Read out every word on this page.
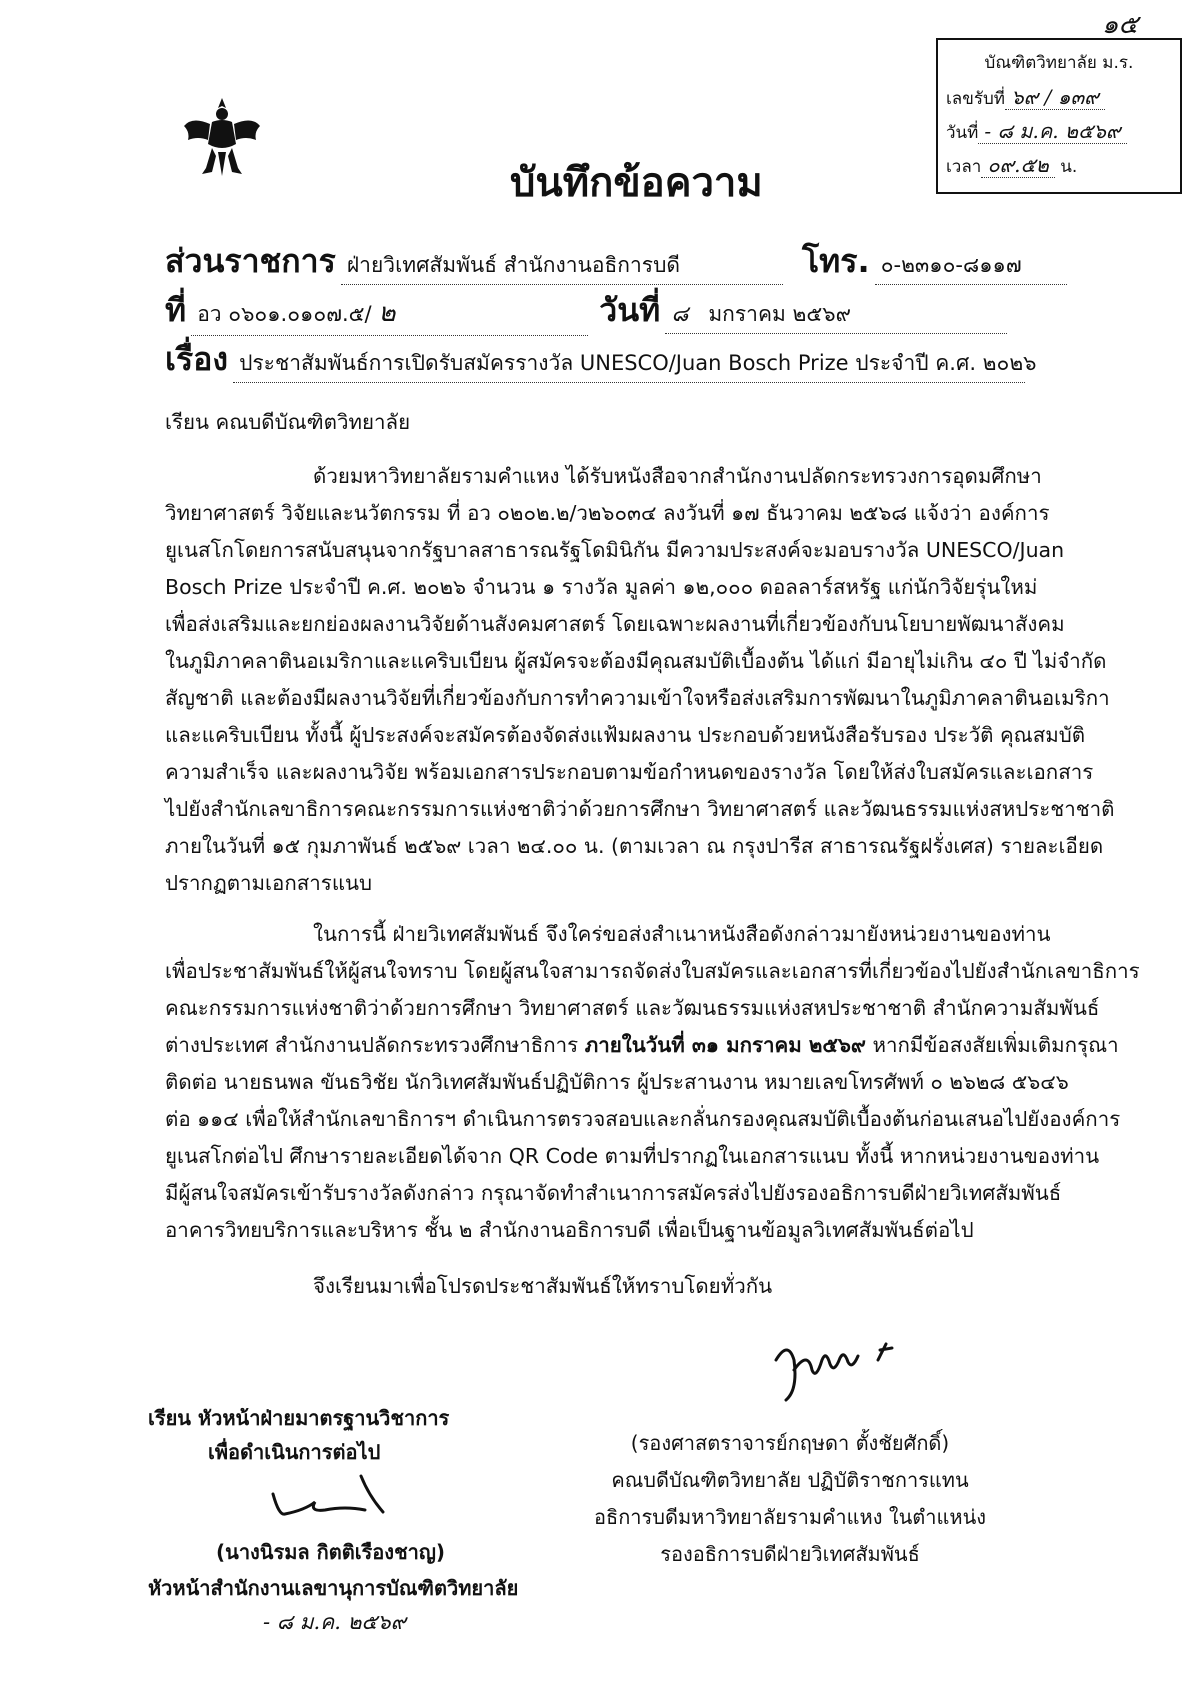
๑๕
บัณฑิตวิทยาลัย ม.ร.
เลขรับที่ ๖๙ / ๑๓๙
วันที่ - ๘ ม.ค. ๒๕๖๙
เวลา ๐๙.๕๒ น.
บันทึกข้อความ
ส่วนราชการ ฝ่ายวิเทศสัมพันธ์ สำนักงานอธิการบดี	โทร. ๐-๒๓๑๐-๘๑๑๗
ที่ อว ๐๖๐๑.๐๑๐๗.๕/ ๒	วันที่ ๘ มกราคม ๒๕๖๙
เรื่อง ประชาสัมพันธ์การเปิดรับสมัครรางวัล UNESCO/Juan Bosch Prize ประจำปี ค.ศ. ๒๐๒๖
เรียน คณบดีบัณฑิตวิทยาลัย
ด้วยมหาวิทยาลัยรามคำแหง ได้รับหนังสือจากสำนักงานปลัดกระทรวงการอุดมศึกษา
วิทยาศาสตร์ วิจัยและนวัตกรรม ที่ อว ๐๒๐๒.๒/ว๒๖๐๓๔ ลงวันที่ ๑๗ ธันวาคม ๒๕๖๘ แจ้งว่า องค์การ
ยูเนสโกโดยการสนับสนุนจากรัฐบาลสาธารณรัฐโดมินิกัน มีความประสงค์จะมอบรางวัล UNESCO/Juan
Bosch Prize ประจำปี ค.ศ. ๒๐๒๖ จำนวน ๑ รางวัล มูลค่า ๑๒,๐๐๐ ดอลลาร์สหรัฐ แก่นักวิจัยรุ่นใหม่
เพื่อส่งเสริมและยกย่องผลงานวิจัยด้านสังคมศาสตร์ โดยเฉพาะผลงานที่เกี่ยวข้องกับนโยบายพัฒนาสังคม
ในภูมิภาคลาตินอเมริกาและแคริบเบียน ผู้สมัครจะต้องมีคุณสมบัติเบื้องต้น ได้แก่ มีอายุไม่เกิน ๔๐ ปี ไม่จำกัด
สัญชาติ และต้องมีผลงานวิจัยที่เกี่ยวข้องกับการทำความเข้าใจหรือส่งเสริมการพัฒนาในภูมิภาคลาตินอเมริกา
และแคริบเบียน ทั้งนี้ ผู้ประสงค์จะสมัครต้องจัดส่งแฟ้มผลงาน ประกอบด้วยหนังสือรับรอง ประวัติ คุณสมบัติ
ความสำเร็จ และผลงานวิจัย พร้อมเอกสารประกอบตามข้อกำหนดของรางวัล โดยให้ส่งใบสมัครและเอกสาร
ไปยังสำนักเลขาธิการคณะกรรมการแห่งชาติว่าด้วยการศึกษา วิทยาศาสตร์ และวัฒนธรรมแห่งสหประชาชาติ
ภายในวันที่ ๑๕ กุมภาพันธ์ ๒๕๖๙ เวลา ๒๔.๐๐ น. (ตามเวลา ณ กรุงปารีส สาธารณรัฐฝรั่งเศส) รายละเอียด
ปรากฏตามเอกสารแนบ
ในการนี้ ฝ่ายวิเทศสัมพันธ์ จึงใคร่ขอส่งสำเนาหนังสือดังกล่าวมายังหน่วยงานของท่าน
เพื่อประชาสัมพันธ์ให้ผู้สนใจทราบ โดยผู้สนใจสามารถจัดส่งใบสมัครและเอกสารที่เกี่ยวข้องไปยังสำนักเลขาธิการ
คณะกรรมการแห่งชาติว่าด้วยการศึกษา วิทยาศาสตร์ และวัฒนธรรมแห่งสหประชาชาติ สำนักความสัมพันธ์
ต่างประเทศ สำนักงานปลัดกระทรวงศึกษาธิการ ภายในวันที่ ๓๑ มกราคม ๒๕๖๙ หากมีข้อสงสัยเพิ่มเติมกรุณา
ติดต่อ นายธนพล ขันธวิชัย นักวิเทศสัมพันธ์ปฏิบัติการ ผู้ประสานงาน หมายเลขโทรศัพท์ ๐ ๒๖๒๘ ๕๖๔๖
ต่อ ๑๑๔ เพื่อให้สำนักเลขาธิการฯ ดำเนินการตรวจสอบและกลั่นกรองคุณสมบัติเบื้องต้นก่อนเสนอไปยังองค์การ
ยูเนสโกต่อไป ศึกษารายละเอียดได้จาก QR Code ตามที่ปรากฏในเอกสารแนบ ทั้งนี้ หากหน่วยงานของท่าน
มีผู้สนใจสมัครเข้ารับรางวัลดังกล่าว กรุณาจัดทำสำเนาการสมัครส่งไปยังรองอธิการบดีฝ่ายวิเทศสัมพันธ์
อาคารวิทยบริการและบริหาร ชั้น ๒ สำนักงานอธิการบดี เพื่อเป็นฐานข้อมูลวิเทศสัมพันธ์ต่อไป
จึงเรียนมาเพื่อโปรดประชาสัมพันธ์ให้ทราบโดยทั่วกัน
(รองศาสตราจารย์กฤษดา ตั้งชัยศักดิ์)
คณบดีบัณฑิตวิทยาลัย ปฏิบัติราชการแทน
อธิการบดีมหาวิทยาลัยรามคำแหง ในตำแหน่ง
รองอธิการบดีฝ่ายวิเทศสัมพันธ์
เรียน หัวหน้าฝ่ายมาตรฐานวิชาการ
เพื่อดำเนินการต่อไป
(นางนิรมล กิตติเรืองชาญ)
หัวหน้าสำนักงานเลขานุการบัณฑิตวิทยาลัย
- ๘ ม.ค. ๒๕๖๙
